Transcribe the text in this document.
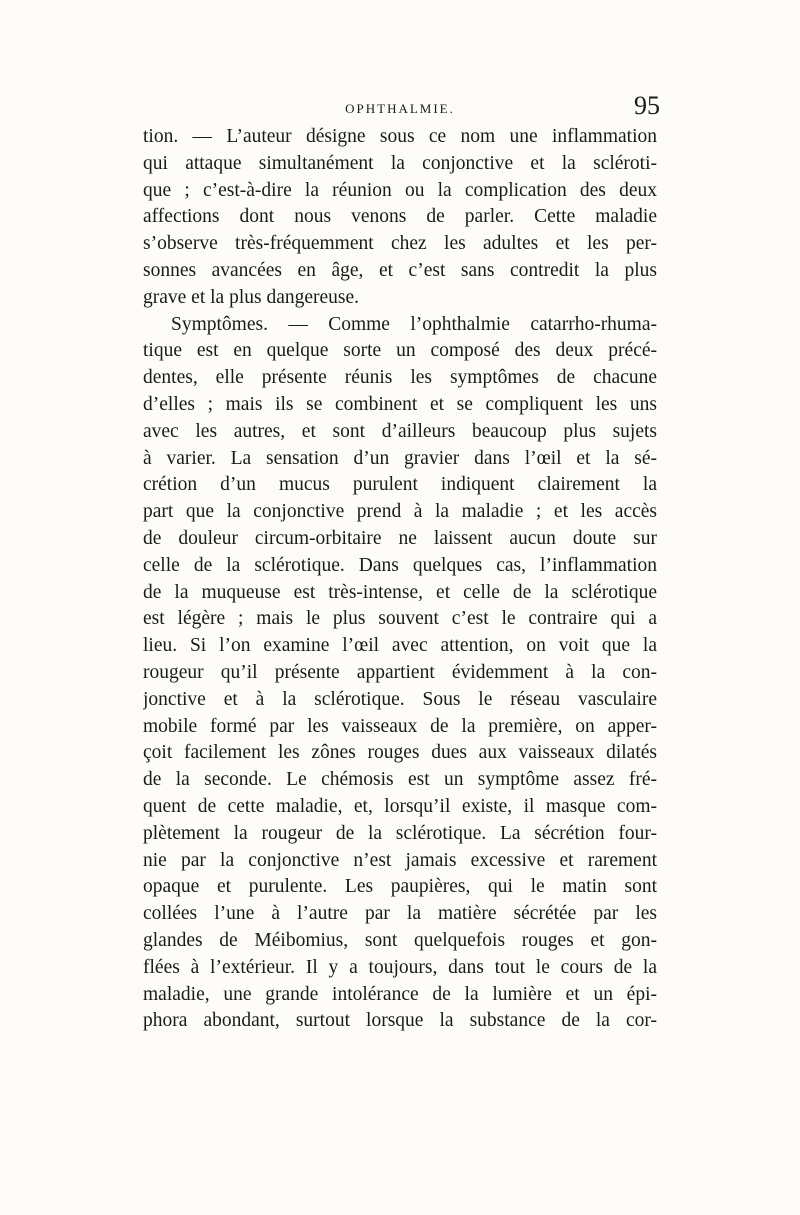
OPHTHALMIE.	95
tion. — L’auteur désigne sous ce nom une inflammation
qui attaque simultanément la conjonctive et la scléroti-
que ; c’est-à-dire la réunion ou la complication des deux
affections dont nous venons de parler. Cette maladie
s’observe très-fréquemment chez les adultes et les per-
sonnes avancées en âge, et c’est sans contredit la plus
grave et la plus dangereuse.
Symptômes. — Comme l’ophthalmie catarrho-rhuma-
tique est en quelque sorte un composé des deux précé-
dentes, elle présente réunis les symptômes de chacune
d’elles ; mais ils se combinent et se compliquent les uns
avec les autres, et sont d’ailleurs beaucoup plus sujets
à varier. La sensation d’un gravier dans l’œil et la sé-
crétion d’un mucus purulent indiquent clairement la
part que la conjonctive prend à la maladie ; et les accès
de douleur circum-orbitaire ne laissent aucun doute sur
celle de la sclérotique. Dans quelques cas, l’inflammation
de la muqueuse est très-intense, et celle de la sclérotique
est légère ; mais le plus souvent c’est le contraire qui a
lieu. Si l’on examine l’œil avec attention, on voit que la
rougeur qu’il présente appartient évidemment à la con-
jonctive et à la sclérotique. Sous le réseau vasculaire
mobile formé par les vaisseaux de la première, on apper-
çoit facilement les zônes rouges dues aux vaisseaux dilatés
de la seconde. Le chémosis est un symptôme assez fré-
quent de cette maladie, et, lorsqu’il existe, il masque com-
plètement la rougeur de la sclérotique. La sécrétion four-
nie par la conjonctive n’est jamais excessive et rarement
opaque et purulente. Les paupières, qui le matin sont
collées l’une à l’autre par la matière sécrétée par les
glandes de Méibomius, sont quelquefois rouges et gon-
flées à l’extérieur. Il y a toujours, dans tout le cours de la
maladie, une grande intolérance de la lumière et un épi-
phora abondant, surtout lorsque la substance de la cor-
